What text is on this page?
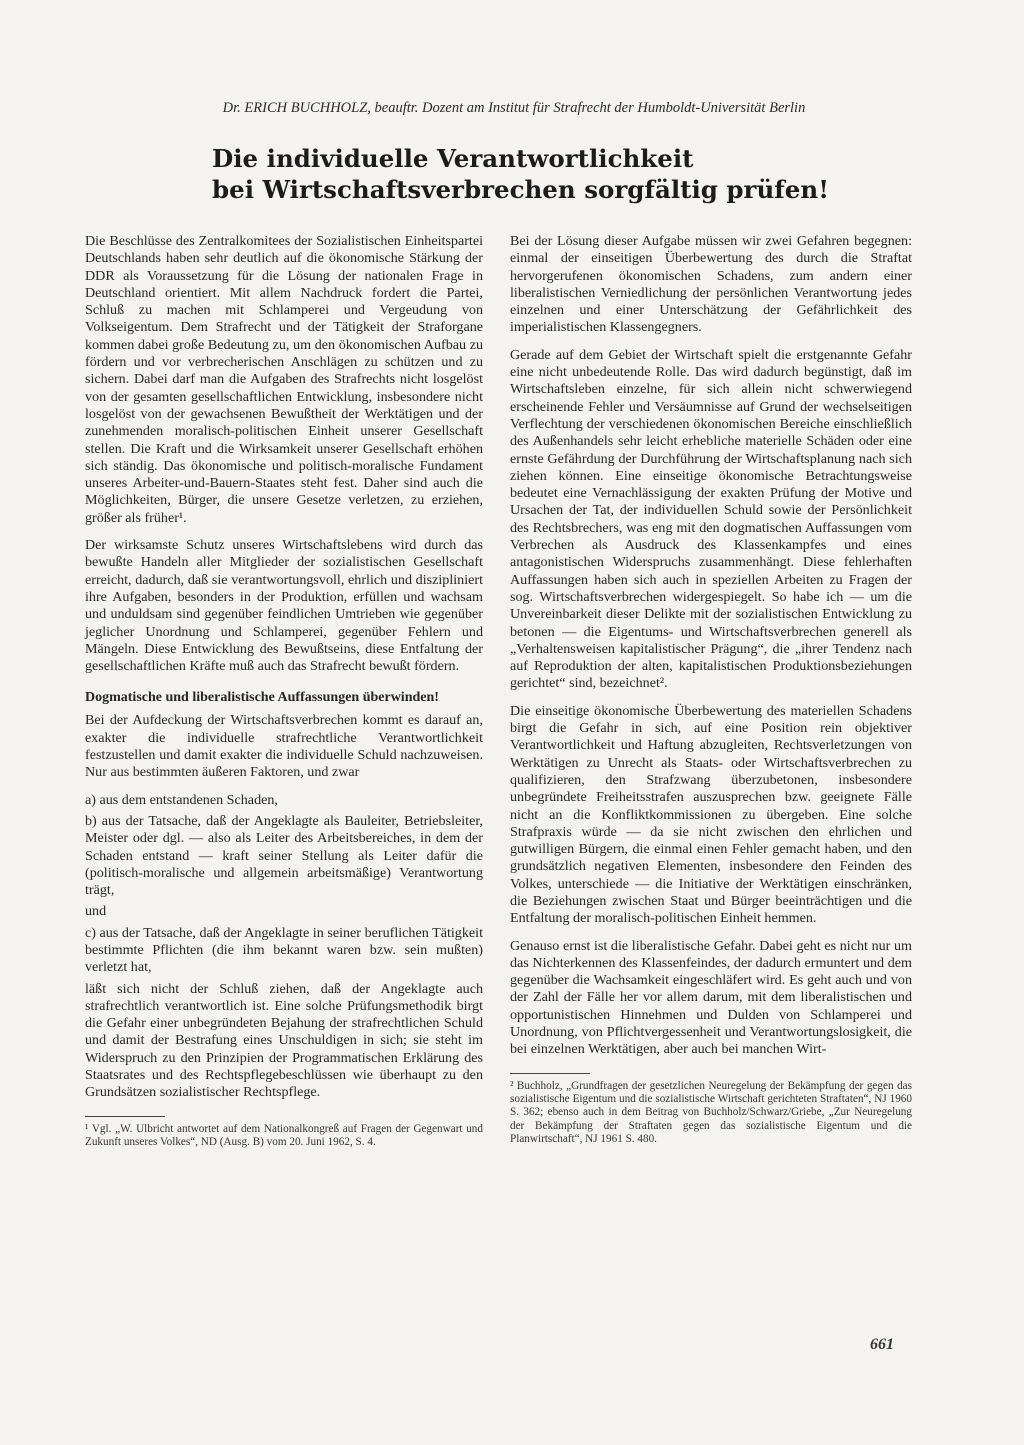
Dr. ERICH BUCHHOLZ, beauftr. Dozent am Institut für Strafrecht der Humboldt-Universität Berlin
Die individuelle Verantwortlichkeit
bei Wirtschaftsverbrechen sorgfältig prüfen!

Die Beschlüsse des Zentralkomitees der Sozialistischen Einheitspartei Deutschlands haben sehr deutlich auf die ökonomische Stärkung der DDR als Voraussetzung für die Lösung der nationalen Frage in Deutschland orientiert. Mit allem Nachdruck fordert die Partei, Schluß zu machen mit Schlamperei und Vergeudung von Volkseigentum. Dem Strafrecht und der Tätigkeit der Straforgane kommen dabei große Bedeutung zu, um den ökonomischen Aufbau zu fördern und vor verbrecherischen Anschlägen zu schützen und zu sichern. Dabei darf man die Aufgaben des Strafrechts nicht losgelöst von der gesamten gesellschaftlichen Entwicklung, insbesondere nicht losgelöst von der gewachsenen Bewußtheit der Werktätigen und der zunehmenden moralisch-politischen Einheit unserer Gesellschaft stellen. Die Kraft und die Wirksamkeit unserer Gesellschaft erhöhen sich ständig. Das ökonomische und politisch-moralische Fundament unseres Arbeiter-und-Bauern-Staates steht fest. Daher sind auch die Möglichkeiten, Bürger, die unsere Gesetze verletzen, zu erziehen, größer als früher¹.

Der wirksamste Schutz unseres Wirtschaftslebens wird durch das bewußte Handeln aller Mitglieder der sozialistischen Gesellschaft erreicht, dadurch, daß sie verantwortungsvoll, ehrlich und diszipliniert ihre Aufgaben, besonders in der Produktion, erfüllen und wachsam und unduldsam sind gegenüber feindlichen Umtrieben wie gegenüber jeglicher Unordnung und Schlamperei, gegenüber Fehlern und Mängeln. Diese Entwicklung des Bewußtseins, diese Entfaltung der gesellschaftlichen Kräfte muß auch das Strafrecht bewußt fördern.

Dogmatische und liberalistische Auffassungen überwinden!

Bei der Aufdeckung der Wirtschaftsverbrechen kommt es darauf an, exakter die individuelle strafrechtliche Verantwortlichkeit festzustellen und damit exakter die individuelle Schuld nachzuweisen. Nur aus bestimmten äußeren Faktoren, und zwar

a) aus dem entstandenen Schaden,

b) aus der Tatsache, daß der Angeklagte als Bauleiter, Betriebsleiter, Meister oder dgl. — also als Leiter des Arbeitsbereiches, in dem der Schaden entstand — kraft seiner Stellung als Leiter dafür die (politisch-moralische und allgemein arbeitsmäßige) Verantwortung trägt,

und

c) aus der Tatsache, daß der Angeklagte in seiner beruflichen Tätigkeit bestimmte Pflichten (die ihm bekannt waren bzw. sein mußten) verletzt hat,

läßt sich nicht der Schluß ziehen, daß der Angeklagte auch strafrechtlich verantwortlich ist. Eine solche Prüfungsmethodik birgt die Gefahr einer unbegründeten Bejahung der strafrechtlichen Schuld und damit der Bestrafung eines Unschuldigen in sich; sie steht im Widerspruch zu den Prinzipien der Programmatischen Erklärung des Staatsrates und des Rechtspflegebeschlüssen wie überhaupt zu den Grundsätzen sozialistischer Rechtspflege.

¹ Vgl. „W. Ulbricht antwortet auf dem Nationalkongreß auf Fragen der Gegenwart und Zukunft unseres Volkes“, ND (Ausg. B) vom 20. Juni 1962, S. 4.

Bei der Lösung dieser Aufgabe müssen wir zwei Gefahren begegnen: einmal der einseitigen Überbewertung des durch die Straftat hervorgerufenen ökonomischen Schadens, zum andern einer liberalistischen Verniedlichung der persönlichen Verantwortung jedes einzelnen und einer Unterschätzung der Gefährlichkeit des imperialistischen Klassengegners.

Gerade auf dem Gebiet der Wirtschaft spielt die erstgenannte Gefahr eine nicht unbedeutende Rolle. Das wird dadurch begünstigt, daß im Wirtschaftsleben einzelne, für sich allein nicht schwerwiegend erscheinende Fehler und Versäumnisse auf Grund der wechselseitigen Verflechtung der verschiedenen ökonomischen Bereiche einschließlich des Außenhandels sehr leicht erhebliche materielle Schäden oder eine ernste Gefährdung der Durchführung der Wirtschaftsplanung nach sich ziehen können. Eine einseitige ökonomische Betrachtungsweise bedeutet eine Vernachlässigung der exakten Prüfung der Motive und Ursachen der Tat, der individuellen Schuld sowie der Persönlichkeit des Rechtsbrechers, was eng mit den dogmatischen Auffassungen vom Verbrechen als Ausdruck des Klassenkampfes und eines antagonistischen Widerspruchs zusammenhängt. Diese fehlerhaften Auffassungen haben sich auch in speziellen Arbeiten zu Fragen der sog. Wirtschaftsverbrechen widergespiegelt. So habe ich — um die Unvereinbarkeit dieser Delikte mit der sozialistischen Entwicklung zu betonen — die Eigentums- und Wirtschaftsverbrechen generell als „Verhaltensweisen kapitalistischer Prägung“, die „ihrer Tendenz nach auf Reproduktion der alten, kapitalistischen Produktionsbeziehungen gerichtet“ sind, bezeichnet².

Die einseitige ökonomische Überbewertung des materiellen Schadens birgt die Gefahr in sich, auf eine Position rein objektiver Verantwortlichkeit und Haftung abzugleiten, Rechtsverletzungen von Werktätigen zu Unrecht als Staats- oder Wirtschaftsverbrechen zu qualifizieren, den Strafzwang überzubetonen, insbesondere unbegründete Freiheitsstrafen auszusprechen bzw. geeignete Fälle nicht an die Konfliktkommissionen zu übergeben. Eine solche Strafpraxis würde — da sie nicht zwischen den ehrlichen und gutwilligen Bürgern, die einmal einen Fehler gemacht haben, und den grundsätzlich negativen Elementen, insbesondere den Feinden des Volkes, unterschiede — die Initiative der Werktätigen einschränken, die Beziehungen zwischen Staat und Bürger beeinträchtigen und die Entfaltung der moralisch-politischen Einheit hemmen.

Genauso ernst ist die liberalistische Gefahr. Dabei geht es nicht nur um das Nichterkennen des Klassenfeindes, der dadurch ermuntert und dem gegenüber die Wachsamkeit eingeschläfert wird. Es geht auch und von der Zahl der Fälle her vor allem darum, mit dem liberalistischen und opportunistischen Hinnehmen und Dulden von Schlamperei und Unordnung, von Pflichtvergessenheit und Verantwortungslosigkeit, die bei einzelnen Werktätigen, aber auch bei manchen Wirt-

² Buchholz, „Grundfragen der gesetzlichen Neuregelung der Bekämpfung der gegen das sozialistische Eigentum und die sozialistische Wirtschaft gerichteten Straftaten“, NJ 1960 S. 362; ebenso auch in dem Beitrag von Buchholz/Schwarz/Griebe, „Zur Neuregelung der Bekämpfung der Straftaten gegen das sozialistische Eigentum und die Planwirtschaft“, NJ 1961 S. 480.

661
